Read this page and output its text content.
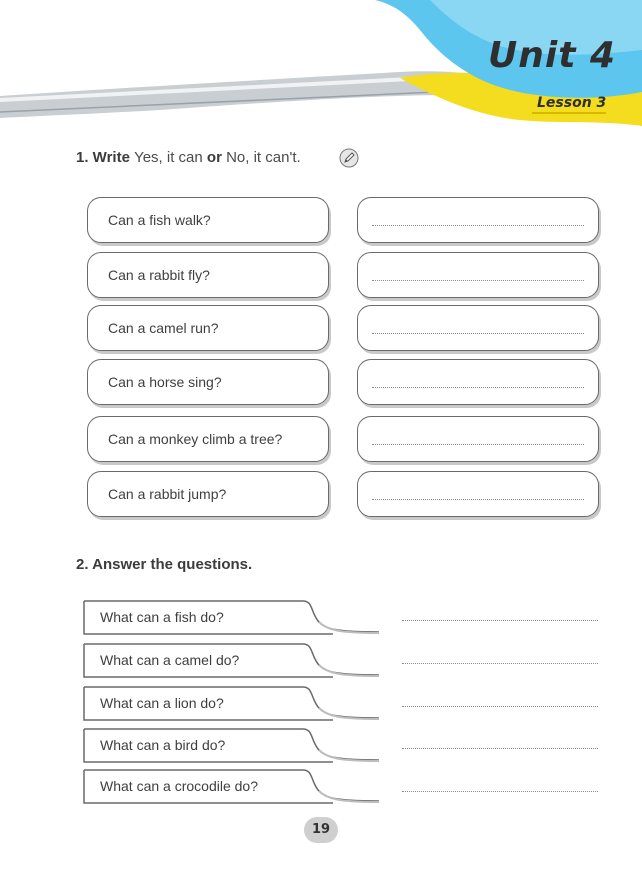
Unit 4
Lesson 3
1. Write Yes, it can or No, it can't.
Can a fish walk?
Can a rabbit fly?
Can a camel run?
Can a horse sing?
Can a monkey climb a tree?
Can a rabbit jump?
2. Answer the questions.
What can a fish do?
What can a camel do?
What can a lion do?
What can a bird do?
What can a crocodile do?
19
